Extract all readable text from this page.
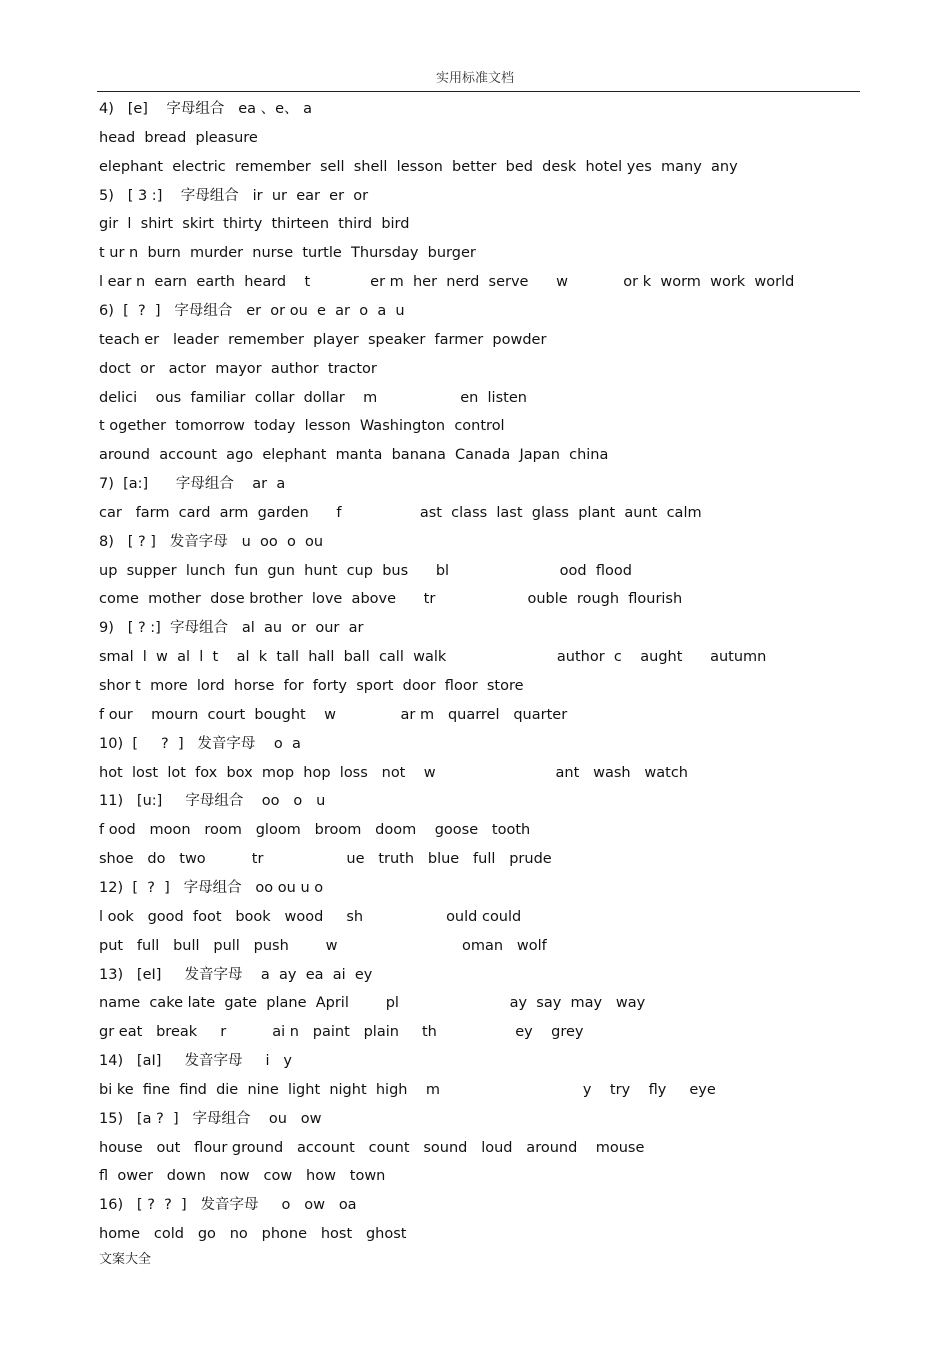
实用标准文档
4)   [e]    字母组合   ea 、e、 a
head  bread  pleasure
elephant  electric  remember  sell  shell  lesson  better  bed  desk  hotel yes  many  any
5)   [ 3 :]    字母组合   ir  ur  ear  er  or
gir  l  shirt  skirt  thirty  thirteen  third  bird
t ur n  burn  murder  nurse  turtle  Thursday  burger
l ear n  earn  earth  heard    t             er m  her  nerd  serve      w            or k  worm  work  world
6)  [  ?  ]   字母组合   er  or ou  e  ar  o  a  u
teach er   leader  remember  player  speaker  farmer  powder
doct  or   actor  mayor  author  tractor
delici    ous  familiar  collar  dollar    m                  en  listen
t ogether  tomorrow  today  lesson  Washington  control
around  account  ago  elephant  manta  banana  Canada  Japan  china
7)  [a:]      字母组合    ar  a
car   farm  card  arm  garden      f                 ast  class  last  glass  plant  aunt  calm
8)   [ ? ]   发音字母   u  oo  o  ou
up  supper  lunch  fun  gun  hunt  cup  bus      bl                        ood  flood
come  mother  dose brother  love  above      tr                    ouble  rough  flourish
9)   [ ? :]  字母组合   al  au  or  our  ar
smal  l  w  al  l  t    al  k  tall  hall  ball  call  walk                        author  c    aught      autumn
shor t  more  lord  horse  for  forty  sport  door  floor  store
f our    mourn  court  bought    w              ar m   quarrel   quarter
10)  [     ?  ]   发音字母    o  a
hot  lost  lot  fox  box  mop  hop  loss   not    w                          ant   wash   watch
11)   [u:]     字母组合    oo   o   u
f ood   moon   room   gloom   broom   doom    goose   tooth
shoe   do   two          tr                  ue   truth   blue   full   prude
12)  [  ?  ]   字母组合   oo ou u o
l ook   good  foot   book   wood     sh                  ould could
put   full   bull   pull   push        w                           oman   wolf
13)   [eI]     发音字母    a  ay  ea  ai  ey
name  cake late  gate  plane  April        pl                        ay  say  may   way
gr eat   break     r          ai n   paint   plain     th                 ey    grey
14)   [aI]     发音字母     i   y
bi ke  fine  find  die  nine  light  night  high    m                               y    try    fly     eye
15)   [a ?  ]   字母组合    ou   ow
house   out   flour ground   account   count   sound   loud   around    mouse
fl  ower   down   now   cow   how   town
16)   [ ?  ?  ]   发音字母     o   ow   oa
home   cold   go   no   phone   host   ghost
文案大全
